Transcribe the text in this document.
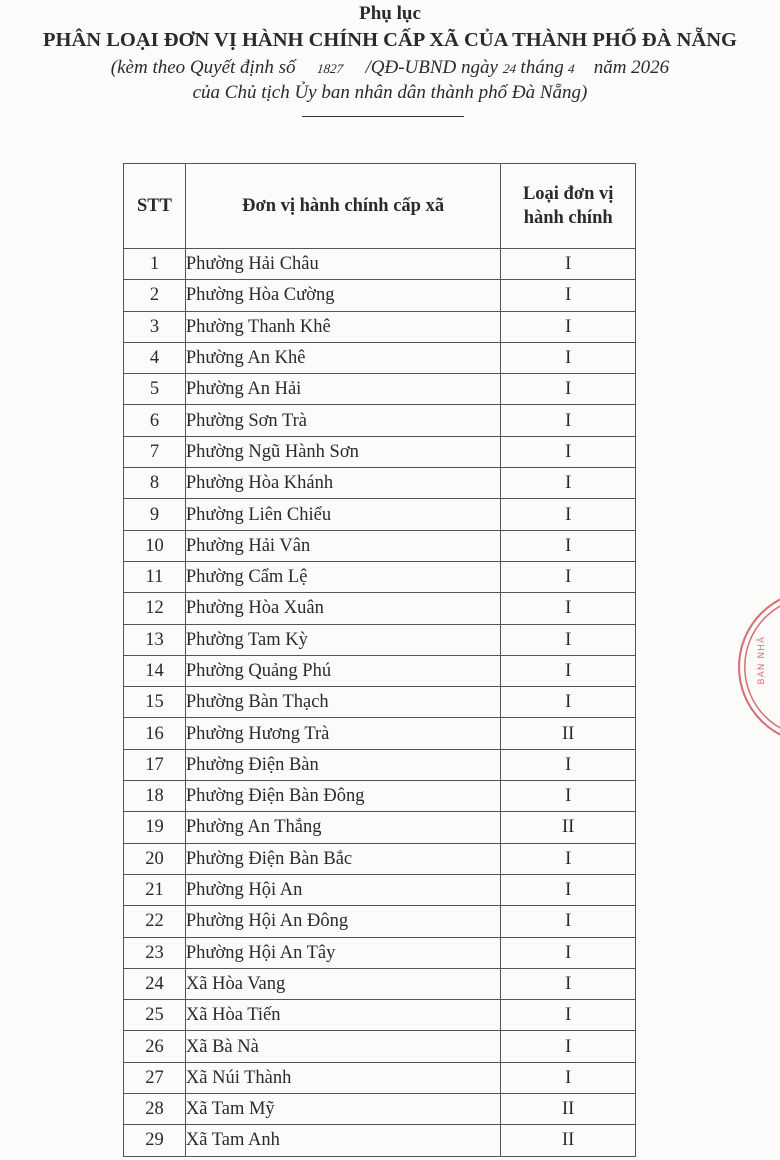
Phụ lục
PHÂN LOẠI ĐƠN VỊ HÀNH CHÍNH CẤP XÃ CỦA THÀNH PHỐ ĐÀ NẴNG
(kèm theo Quyết định số 1827 /QĐ-UBND ngày 24 tháng 4 năm 2026
của Chủ tịch Ủy ban nhân dân thành phố Đà Nẵng)
STT	Đơn vị hành chính cấp xã	Loại đơn vị
hành chính
1	Phường Hải Châu	I
2	Phường Hòa Cường	I
3	Phường Thanh Khê	I
4	Phường An Khê	I
5	Phường An Hải	I
6	Phường Sơn Trà	I
7	Phường Ngũ Hành Sơn	I
8	Phường Hòa Khánh	I
9	Phường Liên Chiểu	I
10	Phường Hải Vân	I
11	Phường Cẩm Lệ	I
12	Phường Hòa Xuân	I
13	Phường Tam Kỳ	I
14	Phường Quảng Phú	I
15	Phường Bàn Thạch	I
16	Phường Hương Trà	II
17	Phường Điện Bàn	I
18	Phường Điện Bàn Đông	I
19	Phường An Thắng	II
20	Phường Điện Bàn Bắc	I
21	Phường Hội An	I
22	Phường Hội An Đông	I
23	Phường Hội An Tây	I
24	Xã Hòa Vang	I
25	Xã Hòa Tiến	I
26	Xã Bà Nà	I
27	Xã Núi Thành	I
28	Xã Tam Mỹ	II
29	Xã Tam Anh	II
BAN NHÂ
